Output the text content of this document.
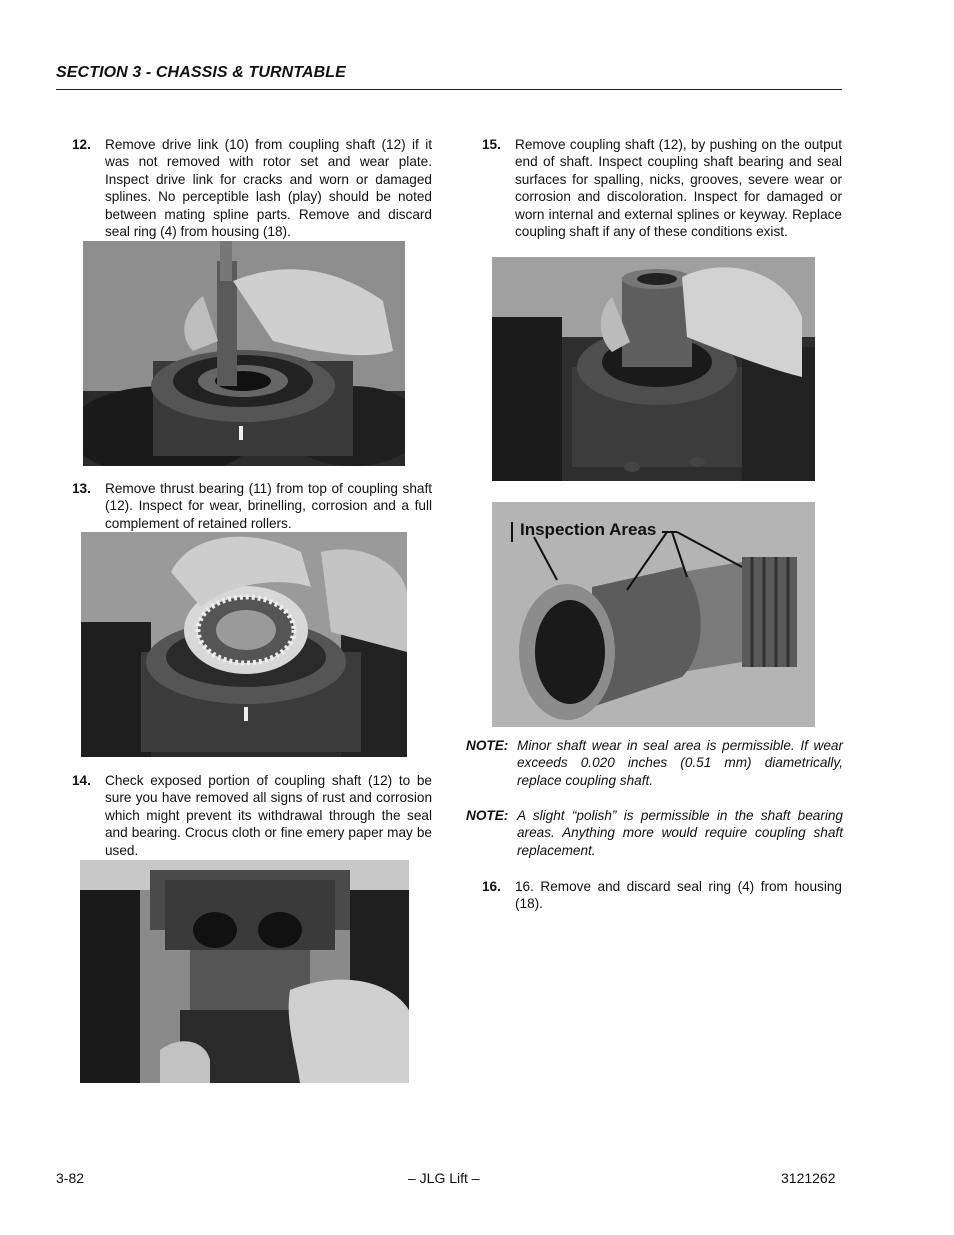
SECTION 3 - CHASSIS & TURNTABLE
12.	Remove drive link (10) from coupling shaft (12) if it was not removed with rotor set and wear plate. Inspect drive link for cracks and worn or damaged splines. No perceptible lash (play) should be noted between mating spline parts. Remove and discard seal ring (4) from housing (18).
13.	Remove thrust bearing (11) from top of coupling shaft (12). Inspect for wear, brinelling, corrosion and a full complement of retained rollers.
14.	Check exposed portion of coupling shaft (12) to be sure you have removed all signs of rust and corrosion which might prevent its withdrawal through the seal and bearing. Crocus cloth or fine emery paper may be used.
15.	Remove coupling shaft (12), by pushing on the output end of shaft. Inspect coupling shaft bearing and seal surfaces for spalling, nicks, grooves, severe wear or corrosion and discoloration. Inspect for damaged or worn internal and external splines or keyway. Replace coupling shaft if any of these conditions exist.
Inspection Areas
NOTE: Minor shaft wear in seal area is permissible. If wear exceeds 0.020 inches (0.51 mm) diametrically, replace coupling shaft.
NOTE: A slight “polish” is permissible in the shaft bearing areas. Anything more would require coupling shaft replacement.
16.	16. Remove and discard seal ring (4) from housing (18).
3-82	– JLG Lift –	3121262
